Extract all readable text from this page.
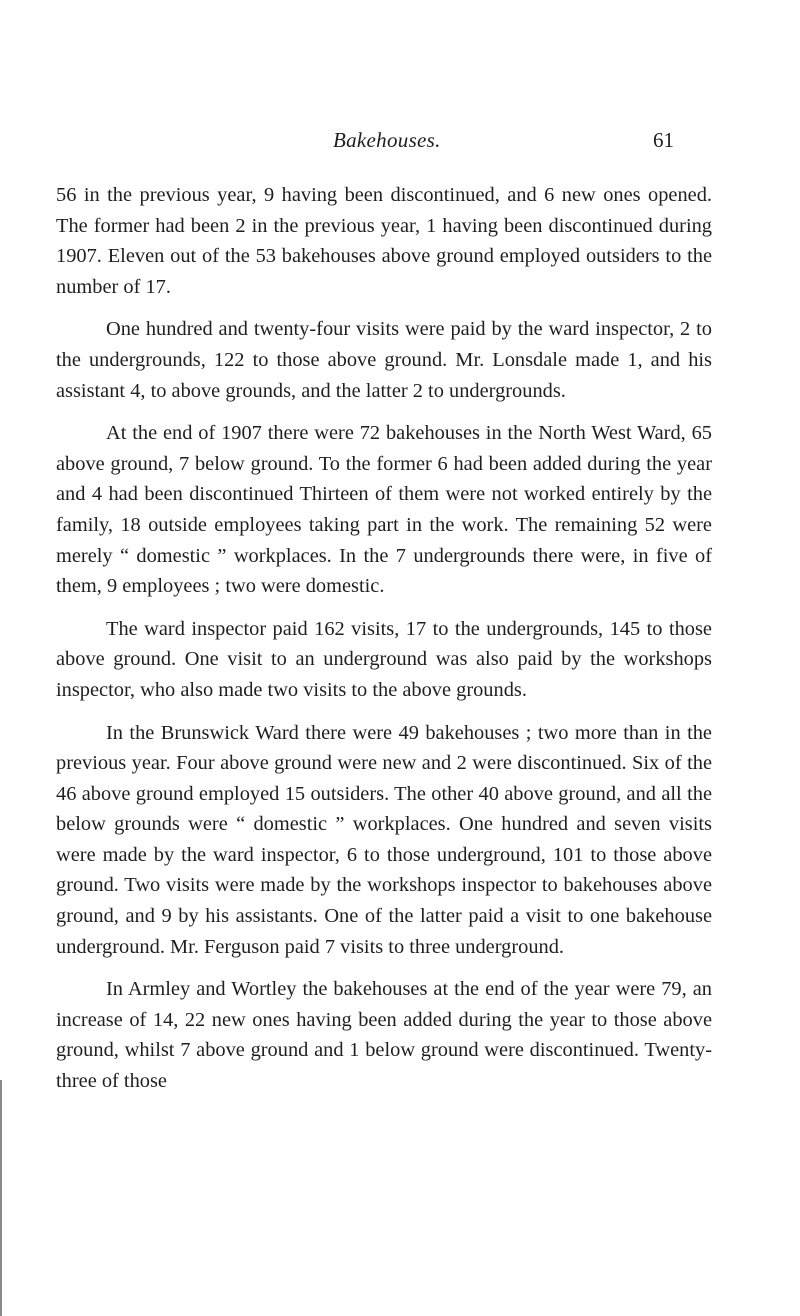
Bakehouses.	61

56 in the previous year, 9 having been discontinued, and 6 new ones opened. The former had been 2 in the previous year, 1 having been discontinued during 1907. Eleven out of the 53 bakehouses above ground employed outsiders to the number of 17.

One hundred and twenty-four visits were paid by the ward inspector, 2 to the undergrounds, 122 to those above ground. Mr. Lonsdale made 1, and his assistant 4, to above grounds, and the latter 2 to undergrounds.

At the end of 1907 there were 72 bakehouses in the North West Ward, 65 above ground, 7 below ground. To the former 6 had been added during the year and 4 had been discontinued Thirteen of them were not worked entirely by the family, 18 outside employees taking part in the work. The remaining 52 were merely “ domestic ” workplaces. In the 7 undergrounds there were, in five of them, 9 employees ; two were domestic.

The ward inspector paid 162 visits, 17 to the undergrounds, 145 to those above ground. One visit to an underground was also paid by the workshops inspector, who also made two visits to the above grounds.

In the Brunswick Ward there were 49 bakehouses ; two more than in the previous year. Four above ground were new and 2 were discontinued. Six of the 46 above ground employed 15 outsiders. The other 40 above ground, and all the below grounds were “ domestic ” workplaces. One hundred and seven visits were made by the ward inspector, 6 to those underground, 101 to those above ground. Two visits were made by the workshops inspector to bakehouses above ground, and 9 by his assistants. One of the latter paid a visit to one bakehouse underground. Mr. Ferguson paid 7 visits to three underground.

In Armley and Wortley the bakehouses at the end of the year were 79, an increase of 14, 22 new ones having been added during the year to those above ground, whilst 7 above ground and 1 below ground were discontinued. Twenty-three of those
